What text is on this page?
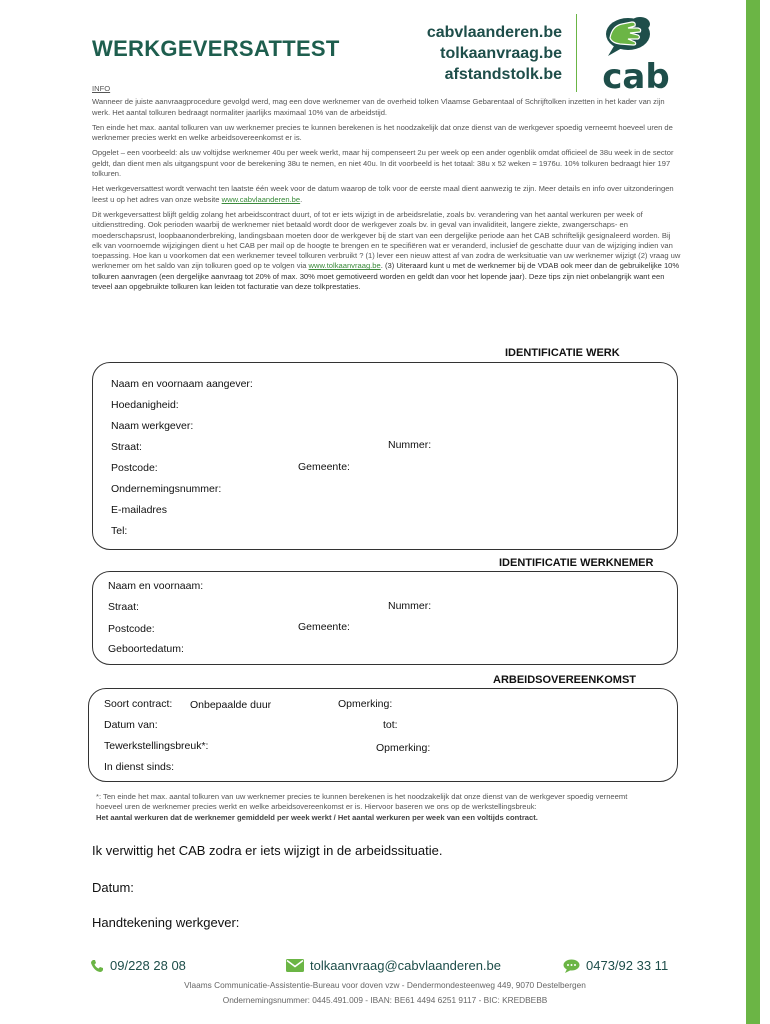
WERKGEVERSATTEST
cabvlaanderen.be
tolkaanvraag.be
afstandstolk.be cab
INFO

Wanneer de juiste aanvraagprocedure gevolgd werd, mag een dove werknemer van de overheid tolken Vlaamse Gebarentaal of Schrijftolken inzetten in het kader van zijn werk. Het aantal tolkuren bedraagt normaliter jaarlijks maximaal 10% van de arbeidstijd.

Ten einde het max. aantal tolkuren van uw werknemer precies te kunnen berekenen is het noodzakelijk dat onze dienst van de werkgever spoedig verneemt hoeveel uren de werknemer precies werkt en welke arbeidsovereenkomst er is.

Opgelet – een voorbeeld: als uw voltijdse werknemer 40u per week werkt, maar hij compenseert 2u per week op een ander ogenblik omdat officieel de 38u week in de sector geldt, dan dient men als uitgangspunt voor de berekening 38u te nemen, en niet 40u. In dit voorbeeld is het totaal: 38u x 52 weken = 1976u. 10% tolkuren bedraagt hier 197 tolkuren.

Het werkgeversattest wordt verwacht ten laatste één week voor de datum waarop de tolk voor de eerste maal dient aanwezig te zijn. Meer details en info over uitzonderingen leest u op het adres van onze website www.cabvlaanderen.be.

Dit werkgeversattest blijft geldig zolang het arbeidscontract duurt, of tot er iets wijzigt in de arbeidsrelatie, zoals bv. verandering van het aantal werkuren per week of uitdiensttreding. Ook perioden waarbij de werknemer niet betaald wordt door de werkgever zoals bv. in geval van invaliditeit, langere ziekte, zwangerschaps- en moederschapsrust, loopbaanonderbreking, landingsbaan moeten door de werkgever bij de start van een dergelijke periode aan het CAB schriftelijk gesignaleerd worden. Bij elk van voornoemde wijzigingen dient u het CAB per mail op de hoogte te brengen en te specifiëren wat er veranderd, inclusief de geschatte duur van de wijziging indien van toepassing. Hoe kan u voorkomen dat een werknemer teveel tolkuren verbruikt ? (1) lever een nieuw attest af van zodra de werksituatie van uw werknemer wijzigt (2) vraag uw werknemer om het saldo van zijn tolkuren goed op te volgen via www.tolkaanvraag.be. (3) Uiteraard kunt u met de werknemer bij de VDAB ook meer dan de gebruikelijke 10% tolkuren aanvragen (een dergelijke aanvraag tot 20% of max. 30% moet gemotiveerd worden en geldt dan voor het lopende jaar). Deze tips zijn niet onbelangrijk want een teveel aan opgebruikte tolkuren kan leiden tot facturatie van deze tolkprestaties.

IDENTIFICATIE WERK
Naam en voornaam aangever:
Hoedanigheid:
Naam werkgever:
Straat:	Nummer:
Postcode:	Gemeente:
Ondernemingsnummer:
E-mailadres
Tel:
IDENTIFICATIE WERKNEMER
Naam en voornaam:
Straat:	Nummer:
Postcode:	Gemeente:
Geboortedatum:
ARBEIDSOVEREENKOMST
Soort contract: Onbepaalde duur	Opmerking:
Datum van:	tot:
Tewerkstellingsbreuk*:	Opmerking:
In dienst sinds:
*: Ten einde het max. aantal tolkuren van uw werknemer precies te kunnen berekenen is het noodzakelijk dat onze dienst van de werkgever spoedig verneemt hoeveel uren de werknemer precies werkt en welke arbeidsovereenkomst er is. Hiervoor baseren we ons op de werkstellingsbreuk:
Het aantal werkuren dat de werknemer gemiddeld per week werkt / Het aantal werkuren per week van een voltijds contract.
Ik verwittig het CAB zodra er iets wijzigt in de arbeidssituatie.
Datum:
Handtekening werkgever:
09/228 28 08	tolkaanvraag@cabvlaanderen.be	0473/92 33 11
Vlaams Communicatie-Assistentie-Bureau voor doven vzw - Dendermondesteenweg 449, 9070 Destelbergen
Ondernemingsnummer: 0445.491.009 - IBAN: BE61 4494 6251 9117 - BIC: KREDBEBB
